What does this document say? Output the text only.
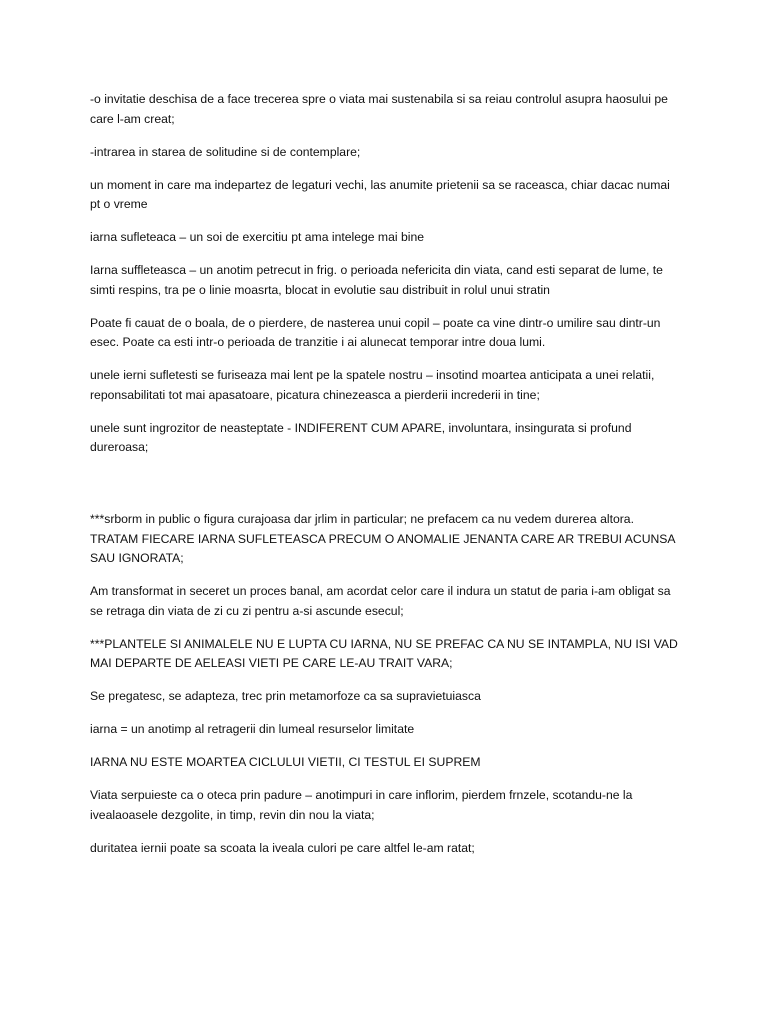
-o invitatie deschisa de a face trecerea spre o viata mai sustenabila si sa reiau controlul asupra haosului pe care l-am creat;

-intrarea in starea de solitudine si de contemplare;

un moment in care ma indepartez de legaturi vechi, las anumite prietenii sa se raceasca, chiar dacac numai pt o vreme

iarna sufleteaca – un soi de exercitiu pt ama intelege mai bine

Iarna suffleteasca – un anotim petrecut in frig. o perioada nefericita din viata, cand esti separat de lume, te simti respins, tra pe o linie moasrta, blocat in evolutie sau distribuit in rolul unui stratin

Poate fi cauat de o boala, de o pierdere, de nasterea unui copil – poate ca vine dintr-o umilire sau dintr-un esec. Poate ca esti intr-o perioada de tranzitie i ai alunecat temporar intre doua lumi.

unele ierni sufletesti se furiseaza mai lent pe la spatele nostru – insotind moartea anticipata a unei relatii, reponsabilitati tot mai apasatoare, picatura chinezeasca a pierderii increderii in tine;

unele sunt ingrozitor de neasteptate - INDIFERENT CUM APARE, involuntara, insingurata si profund dureroasa;

***srborm in public o figura curajoasa dar jrlim in particular; ne prefacem ca nu vedem durerea altora. TRATAM FIECARE IARNA SUFLETEASCA PRECUM O ANOMALIE JENANTA CARE AR TREBUI ACUNSA SAU IGNORATA;

Am transformat in seceret un proces banal, am acordat celor care il indura un statut de paria i-am obligat sa se retraga din viata de zi cu zi pentru a-si ascunde esecul;

***PLANTELE SI ANIMALELE NU E LUPTA CU IARNA, NU SE PREFAC CA NU SE INTAMPLA, NU ISI VAD MAI DEPARTE DE AELEASI VIETI PE CARE LE-AU TRAIT VARA;

Se pregatesc, se adapteza, trec prin metamorfoze ca sa supravietuiasca

iarna = un anotimp al retragerii din lumeal resurselor limitate

IARNA NU ESTE MOARTEA CICLULUI VIETII, CI TESTUL EI SUPREM

Viata serpuieste ca o oteca prin padure – anotimpuri in care inflorim, pierdem frnzele, scotandu-ne la ivealaoasele dezgolite, in timp, revin din nou la viata;

duritatea iernii poate sa scoata la iveala culori pe care altfel le-am ratat;
